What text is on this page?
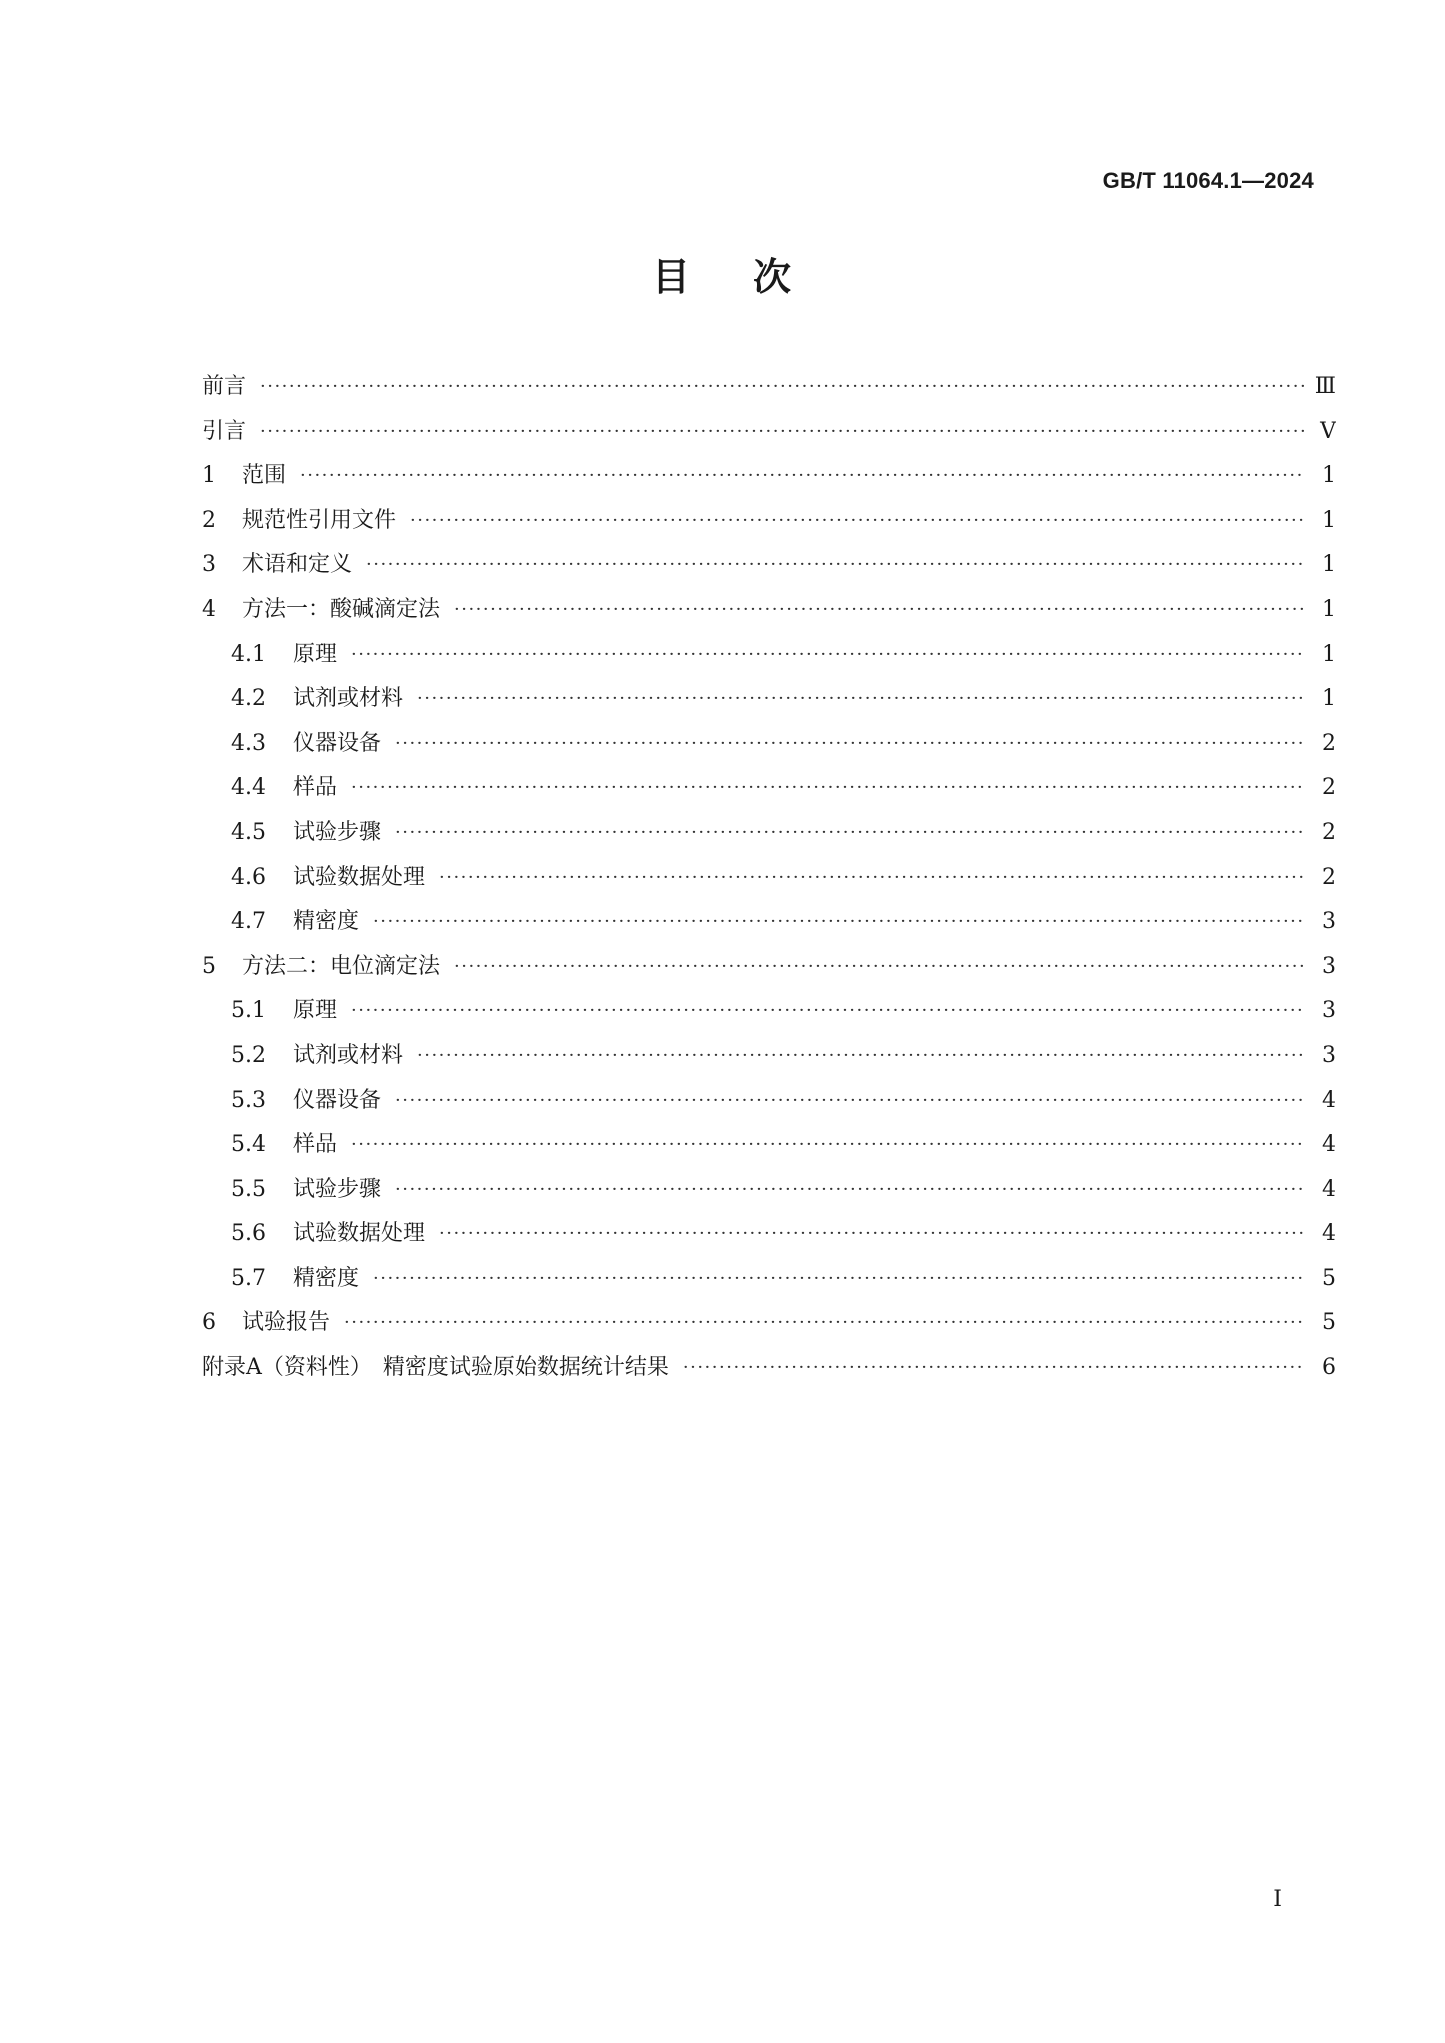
GB/T 11064.1—2024
目    次
前言 ·····	Ⅲ
引言 ·····	Ⅴ
1	范围 ·····	1
2	规范性引用文件 ·····	1
3	术语和定义 ·····	1
4	方法一：酸碱滴定法 ·····	1
4.1	原理 ·····	1
4.2	试剂或材料 ·····	1
4.3	仪器设备 ·····	2
4.4	样品 ·····	2
4.5	试验步骤 ·····	2
4.6	试验数据处理 ·····	2
4.7	精密度 ·····	3
5	方法二：电位滴定法 ·····	3
5.1	原理 ·····	3
5.2	试剂或材料 ·····	3
5.3	仪器设备 ·····	4
5.4	样品 ·····	4
5.5	试验步骤 ·····	4
5.6	试验数据处理 ·····	4
5.7	精密度 ·····	5
6	试验报告 ·····	5
附录A（资料性）　精密度试验原始数据统计结果 ·····	6
Ⅰ
